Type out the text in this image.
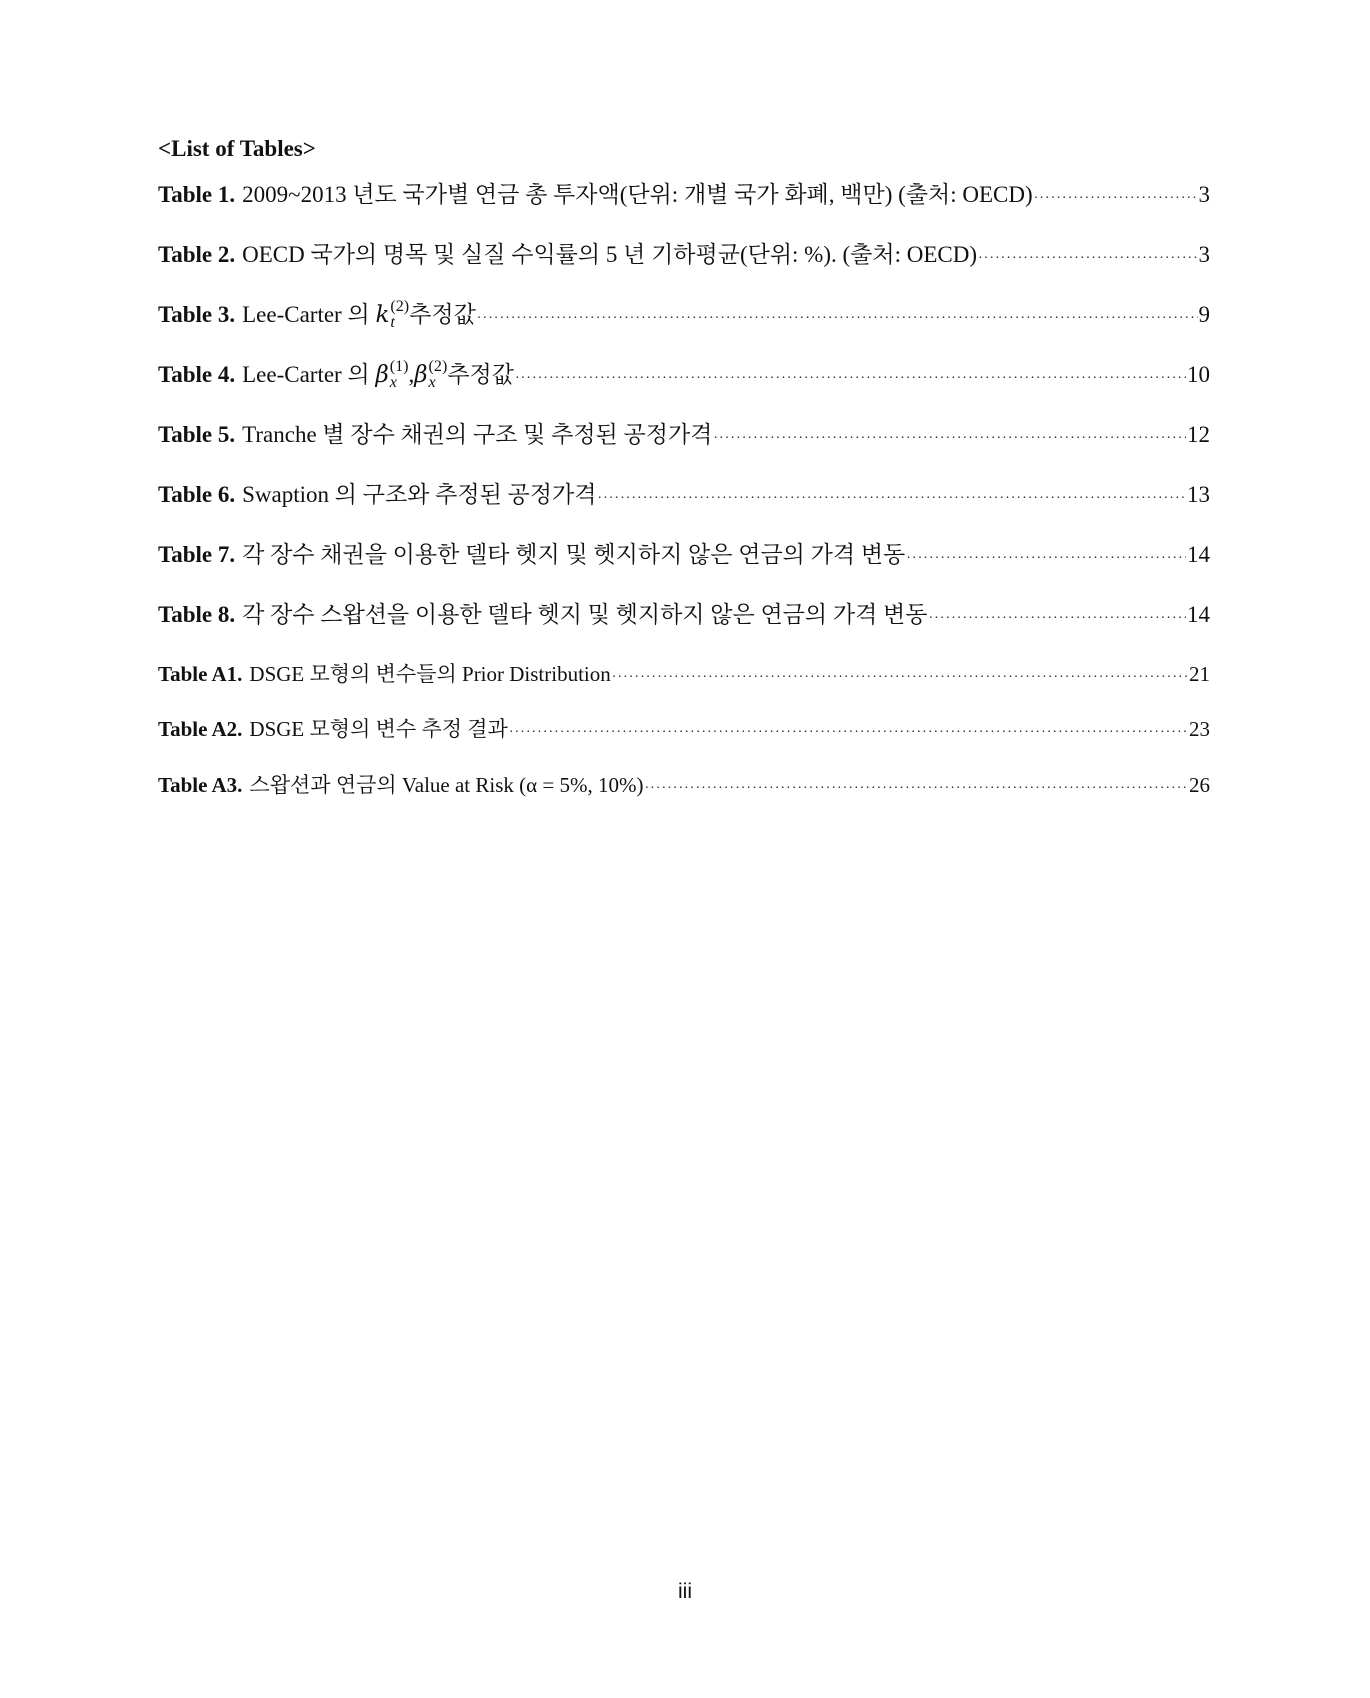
<List of Tables>
Table 1. 2009~2013 년도 국가별 연금 총 투자액(단위: 개별 국가 화폐, 백만) (출처: OECD) ·····	3
Table 2. OECD 국가의 명목 및 실질 수익률의 5 년 기하평균(단위: %). (출처: OECD) ·····	3
Table 3. Lee-Carter 의 k (2)
t 추정값 ·····	9
Table 4. Lee-Carter 의 β (1)
x ,β (2)
x 추정값 ·····	10
Table 5. Tranche 별 장수 채권의 구조 및 추정된 공정가격 ·····	12
Table 6. Swaption 의 구조와 추정된 공정가격 ·····	13
Table 7. 각 장수 채권을 이용한 델타 헷지 및 헷지하지 않은 연금의 가격 변동 ·····	14
Table 8. 각 장수 스왑션을 이용한 델타 헷지 및 헷지하지 않은 연금의 가격 변동 ·····	14
Table A1. DSGE 모형의 변수들의 Prior Distribution ·····	21
Table A2. DSGE 모형의 변수 추정 결과 ·····	23
Table A3. 스왑션과 연금의 Value at Risk (α = 5%, 10%) ·····	26
iii
